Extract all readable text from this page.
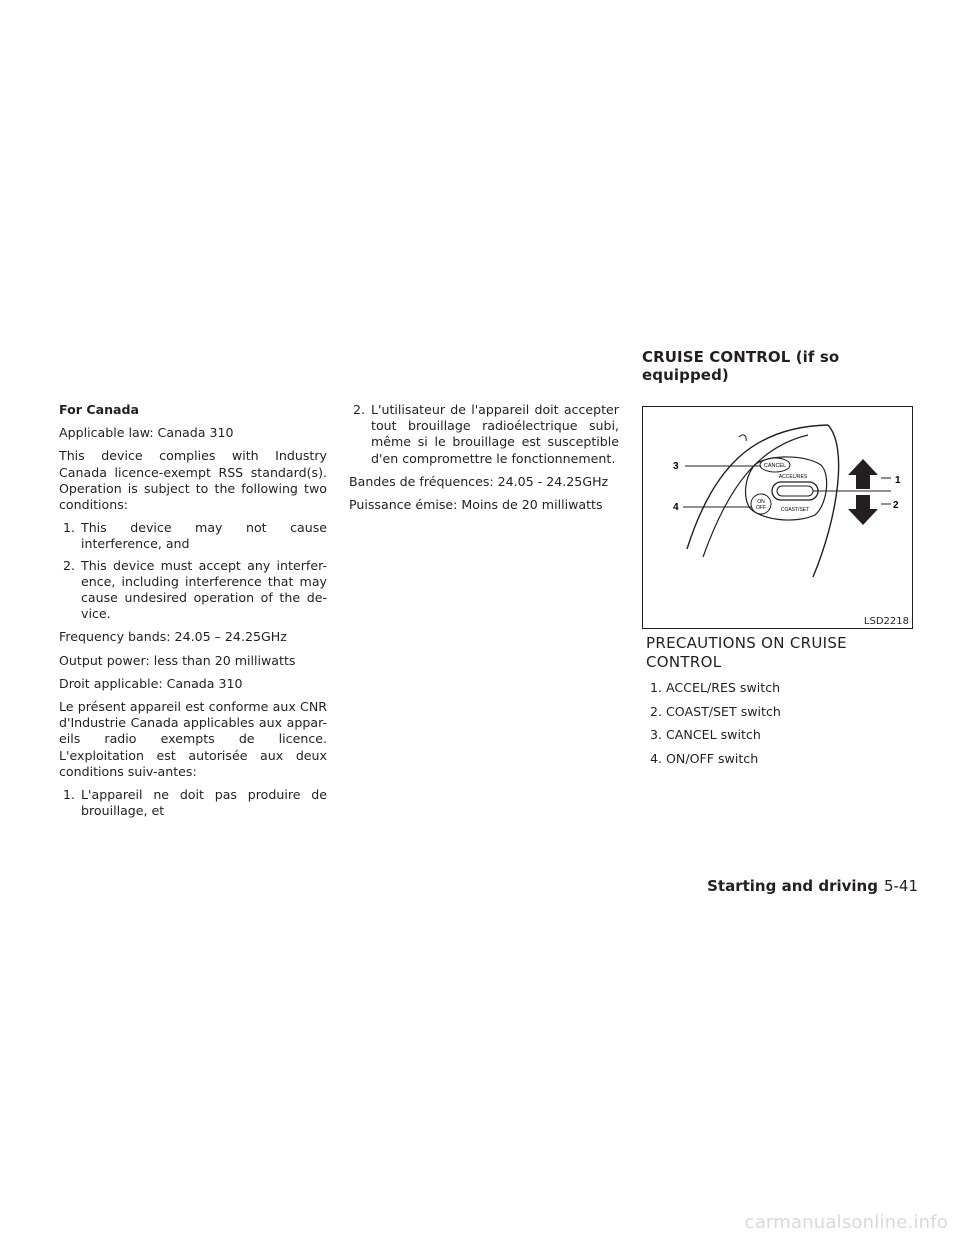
CRUISE CONTROL (if so equipped)

For Canada

Applicable law: Canada 310

This device complies with Industry Canada licence-exempt RSS standard(s). Operation is subject to the following two conditions:

1. This device may not cause interference, and
2. This device must accept any interfer-ence, including interference that may cause undesired operation of the de-vice.

Frequency bands: 24.05 – 24.25GHz

Output power: less than 20 milliwatts

Droit applicable: Canada 310

Le présent appareil est conforme aux CNR d'Industrie Canada applicables aux appar-eils radio exempts de licence. L'exploitation est autorisée aux deux conditions suiv-antes:

1. L'appareil ne doit pas produire de brouillage, et
2. L'utilisateur de l'appareil doit accepter tout brouillage radioélectrique subi, même si le brouillage est susceptible d'en compromettre le fonctionnement.

Bandes de fréquences: 24.05 - 24.25GHz

Puissance émise: Moins de 20 milliwatts

CANCEL
ACCEL/RES
ON
OFF	COAST/SET
1
2
3
4
LSD2218
PRECAUTIONS ON CRUISE CONTROL
1. ACCEL/RES switch
2. COAST/SET switch
3. CANCEL switch
4. ON/OFF switch
Starting and driving 5-41
carmanualsonline.info
